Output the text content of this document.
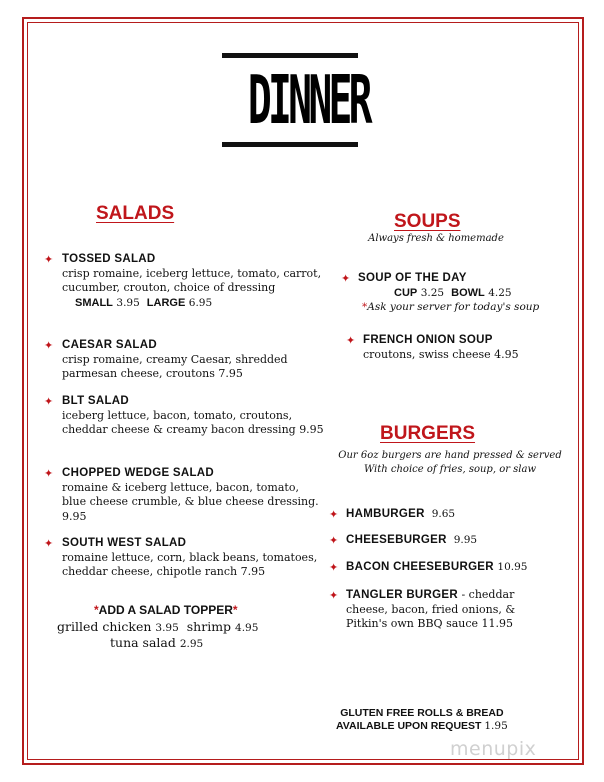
DINNER
SALADS
✦ TOSSED SALAD
crisp romaine, iceberg lettuce, tomato, carrot, cucumber, crouton, choice of dressing
SMALL 3.95 LARGE 6.95
✦ CAESAR SALAD
crisp romaine, creamy Caesar, shredded parmesan cheese, croutons 7.95
✦ BLT SALAD
iceberg lettuce, bacon, tomato, croutons, cheddar cheese & creamy bacon dressing 9.95
✦ CHOPPED WEDGE SALAD
romaine & iceberg lettuce, bacon, tomato, blue cheese crumble, & blue cheese dressing. 9.95
✦ SOUTH WEST SALAD
romaine lettuce, corn, black beans, tomatoes, cheddar cheese, chipotle ranch 7.95
*ADD A SALAD TOPPER*
grilled chicken 3.95 shrimp 4.95
tuna salad 2.95
SOUPS
Always fresh & homemade
✦ SOUP OF THE DAY
CUP 3.25 BOWL 4.25
*Ask your server for today's soup
✦ FRENCH ONION SOUP
croutons, swiss cheese 4.95
BURGERS
Our 6oz burgers are hand pressed & served
With choice of fries, soup, or slaw
✦ HAMBURGER 9.65
✦ CHEESEBURGER 9.95
✦ BACON CHEESEBURGER 10.95
✦ TANGLER BURGER - cheddar
cheese, bacon, fried onions, & Pitkin's own BBQ sauce 11.95
GLUTEN FREE ROLLS & BREAD
AVAILABLE UPON REQUEST 1.95
menupix
